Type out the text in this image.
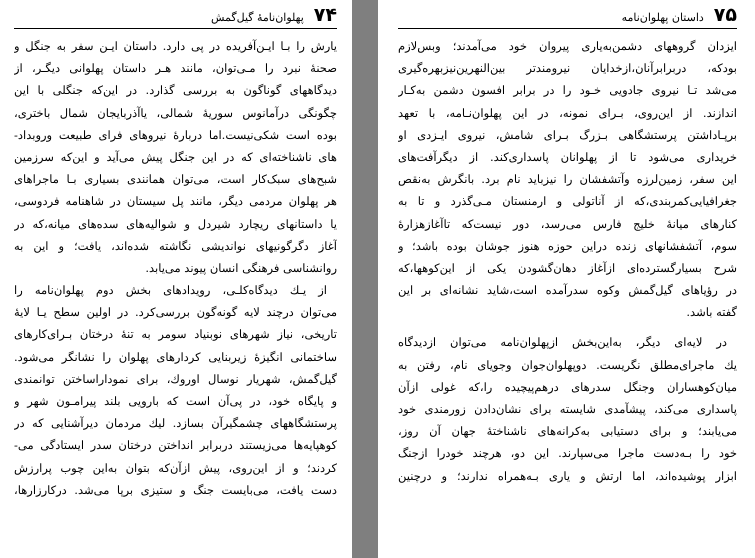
۷۴
پهلوان‌نامهٔ گیل‌گمش
یارش را بـا ایـن‌آفریده در پی دارد. داستان ایـن سفر به جنگل و
صحنهٔ نبرد را مـی‌توان، مانند هـر داستان پهلوانی دیگـر، از
دیدگاههای گوناگون به بررسی گذارد. در این‌که جنگلی با این
چگونگی درآمانوس سوریهٔ شمالی، یاآذربایجان شمال باختری،
بوده است شکی‌نیست.اما دربارهٔ نیروهای فرای طبیعت وروبداد-
های ناشناخته‌ای که در این جنگل پیش می‌آید و این‌که سرزمین
شبح‌های سبک‌کار است، می‌توان همانندی بسیاری بـا ماجراهای
هر پهلوان مردمی دیگر، مانند پل سیستان در شاهنامه فردوسی،
یا داستانهای ریچارد شیردل و شوالیه‌های سده‌های میانه،که در
آغاز دگرگونیهای نواندیشی نگاشته شده‌اند، یافت؛ و این به
روانشناسی فرهنگی انسان پیوند می‌یابد.
از یـك دیدگاه‌کلـی، رویدادهای بخش دوم پهلوان‌نامه را
می‌توان درچند لایه گونه‌گون بررسی‌کرد. در اولین سطح یـا لایهٔ
تاریخی، نیاز شهرهای نوبنیاد سومر به تنهٔ درختان بـرای‌کارهای
ساختمانی انگیزهٔ زیربنایی کردارهای پهلوان را نشانگر می‌شود.
گیل‌گمش، شهریار نوسال اوروك، برای نموداراساختن توانمندی
و پایگاه خود، در پی‌آن است که بارویی بلند پیرامـون شهر و
پرستشگاههای چشمگیرآن بسازد. لیك مردمان دیرآشنایی که در
کوهپایه‌ها می‌زیستند دربرابر انداختن درختان سدر ایستادگی می-
کردند؛ و از این‌روی، پیش ازآن‌که بتوان به‌این چوب پرارزش
دست یافت، می‌بایست جنگ و ستیزی برپا می‌شد. درکارزارها،
۷۵
داستان پهلوان‌نامه
ایزدان گروههای دشمن‌به‌یاری پیروان خود می‌آمدند؛ وبس‌لازم
بودکه، دربرابرآنان،ازخدایان نیرومندتر بین‌النهرین‌نیزبهره‌گیری
می‌شد تـا نیروی جادویی خـود را در برابر افسون دشمن به‌کـار
اندازند. از این‌روی، بـرای نمونه، در این پهلوان‌نـامه، با تعهد
برپـاداشتن پرستشگاهی بـزرگ بـرای شامش، نیروی ایـزدی او
خریداری می‌شود تا از پهلوانان پاسداری‌کند. از دیگرآفت‌های
این سفر، زمین‌لرزه وآتشفشان را نیزباید نام برد. بانگرش به‌نقص
جغرافیایی‌کمربندی،که از آناتولی و ارمنستان مـی‌گذرد و تا به
کنارهای میانهٔ خلیج فارس می‌رسد، دور نیست‌که تاآغازهزارهٔ
سوم، آتشفشانهای زنده دراین حوزه هنوز جوشان بوده باشد؛ و
شرح بسیارگسترده‌ای ازآغاز دهان‌گشودن یکی از این‌کوهها،که
در رؤیاهای گیل‌گمش وکوه سدرآمده است،شاید نشانه‌ای بر این
گفته باشد.
در لایه‌ای دیگر، به‌این‌بخش ازپهلوان‌نامه می‌توان ازدیدگاه
یك ماجرای‌مطلق نگریست. دوپهلوان‌جوان وجویای نام، رفتن به
میان‌کوهساران وجنگل سدرهای درهم‌پیچیده را،که غولی ازآن
پاسداری می‌کند، پیشآمدی شایسته برای نشان‌دادن زورمندی خود
می‌یابند؛ و برای دستیابی به‌کرانه‌های ناشناختهٔ جهان آن روز،
خود را بـه‌دست ماجرا می‌سپارند. این دو، هرچند خودرا ازجنگ
ابزار پوشیده‌اند، اما ارتش و یاری بـه‌همراه ندارند؛ و درچنین
